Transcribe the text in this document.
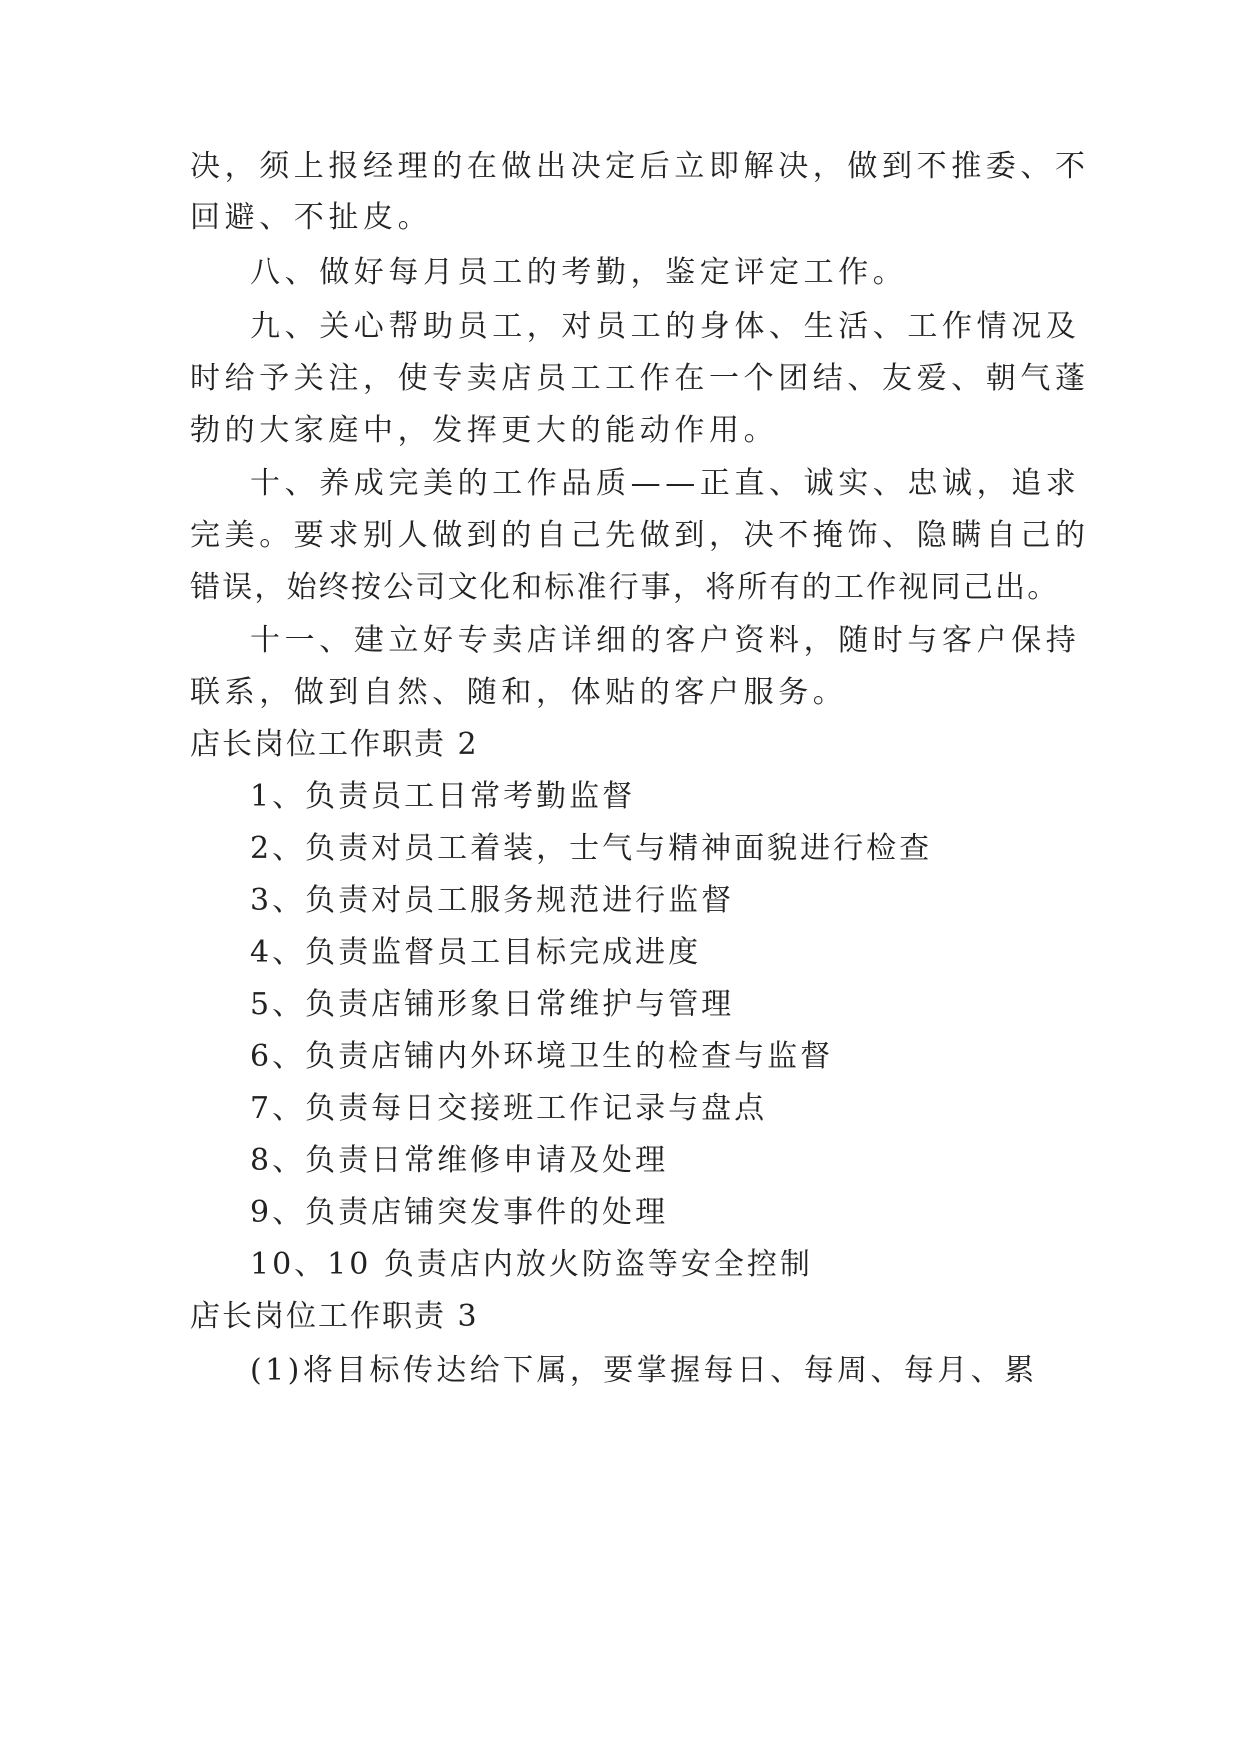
决，须上报经理的在做出决定后立即解决，做到不推委、不
回避、不扯皮。
八、做好每月员工的考勤，鉴定评定工作。
九、关心帮助员工，对员工的身体、生活、工作情况及
时给予关注，使专卖店员工工作在一个团结、友爱、朝气蓬
勃的大家庭中，发挥更大的能动作用。
十、养成完美的工作品质——正直、诚实、忠诚，追求
完美。要求别人做到的自己先做到，决不掩饰、隐瞒自己的
错误，始终按公司文化和标准行事，将所有的工作视同己出。
十一、建立好专卖店详细的客户资料，随时与客户保持
联系，做到自然、随和，体贴的客户服务。
店长岗位工作职责 2
1、负责员工日常考勤监督
2、负责对员工着装，士气与精神面貌进行检查
3、负责对员工服务规范进行监督
4、负责监督员工目标完成进度
5、负责店铺形象日常维护与管理
6、负责店铺内外环境卫生的检查与监督
7、负责每日交接班工作记录与盘点
8、负责日常维修申请及处理
9、负责店铺突发事件的处理
10、10 负责店内放火防盗等安全控制
店长岗位工作职责 3
(1)将目标传达给下属，要掌握每日、每周、每月、累
